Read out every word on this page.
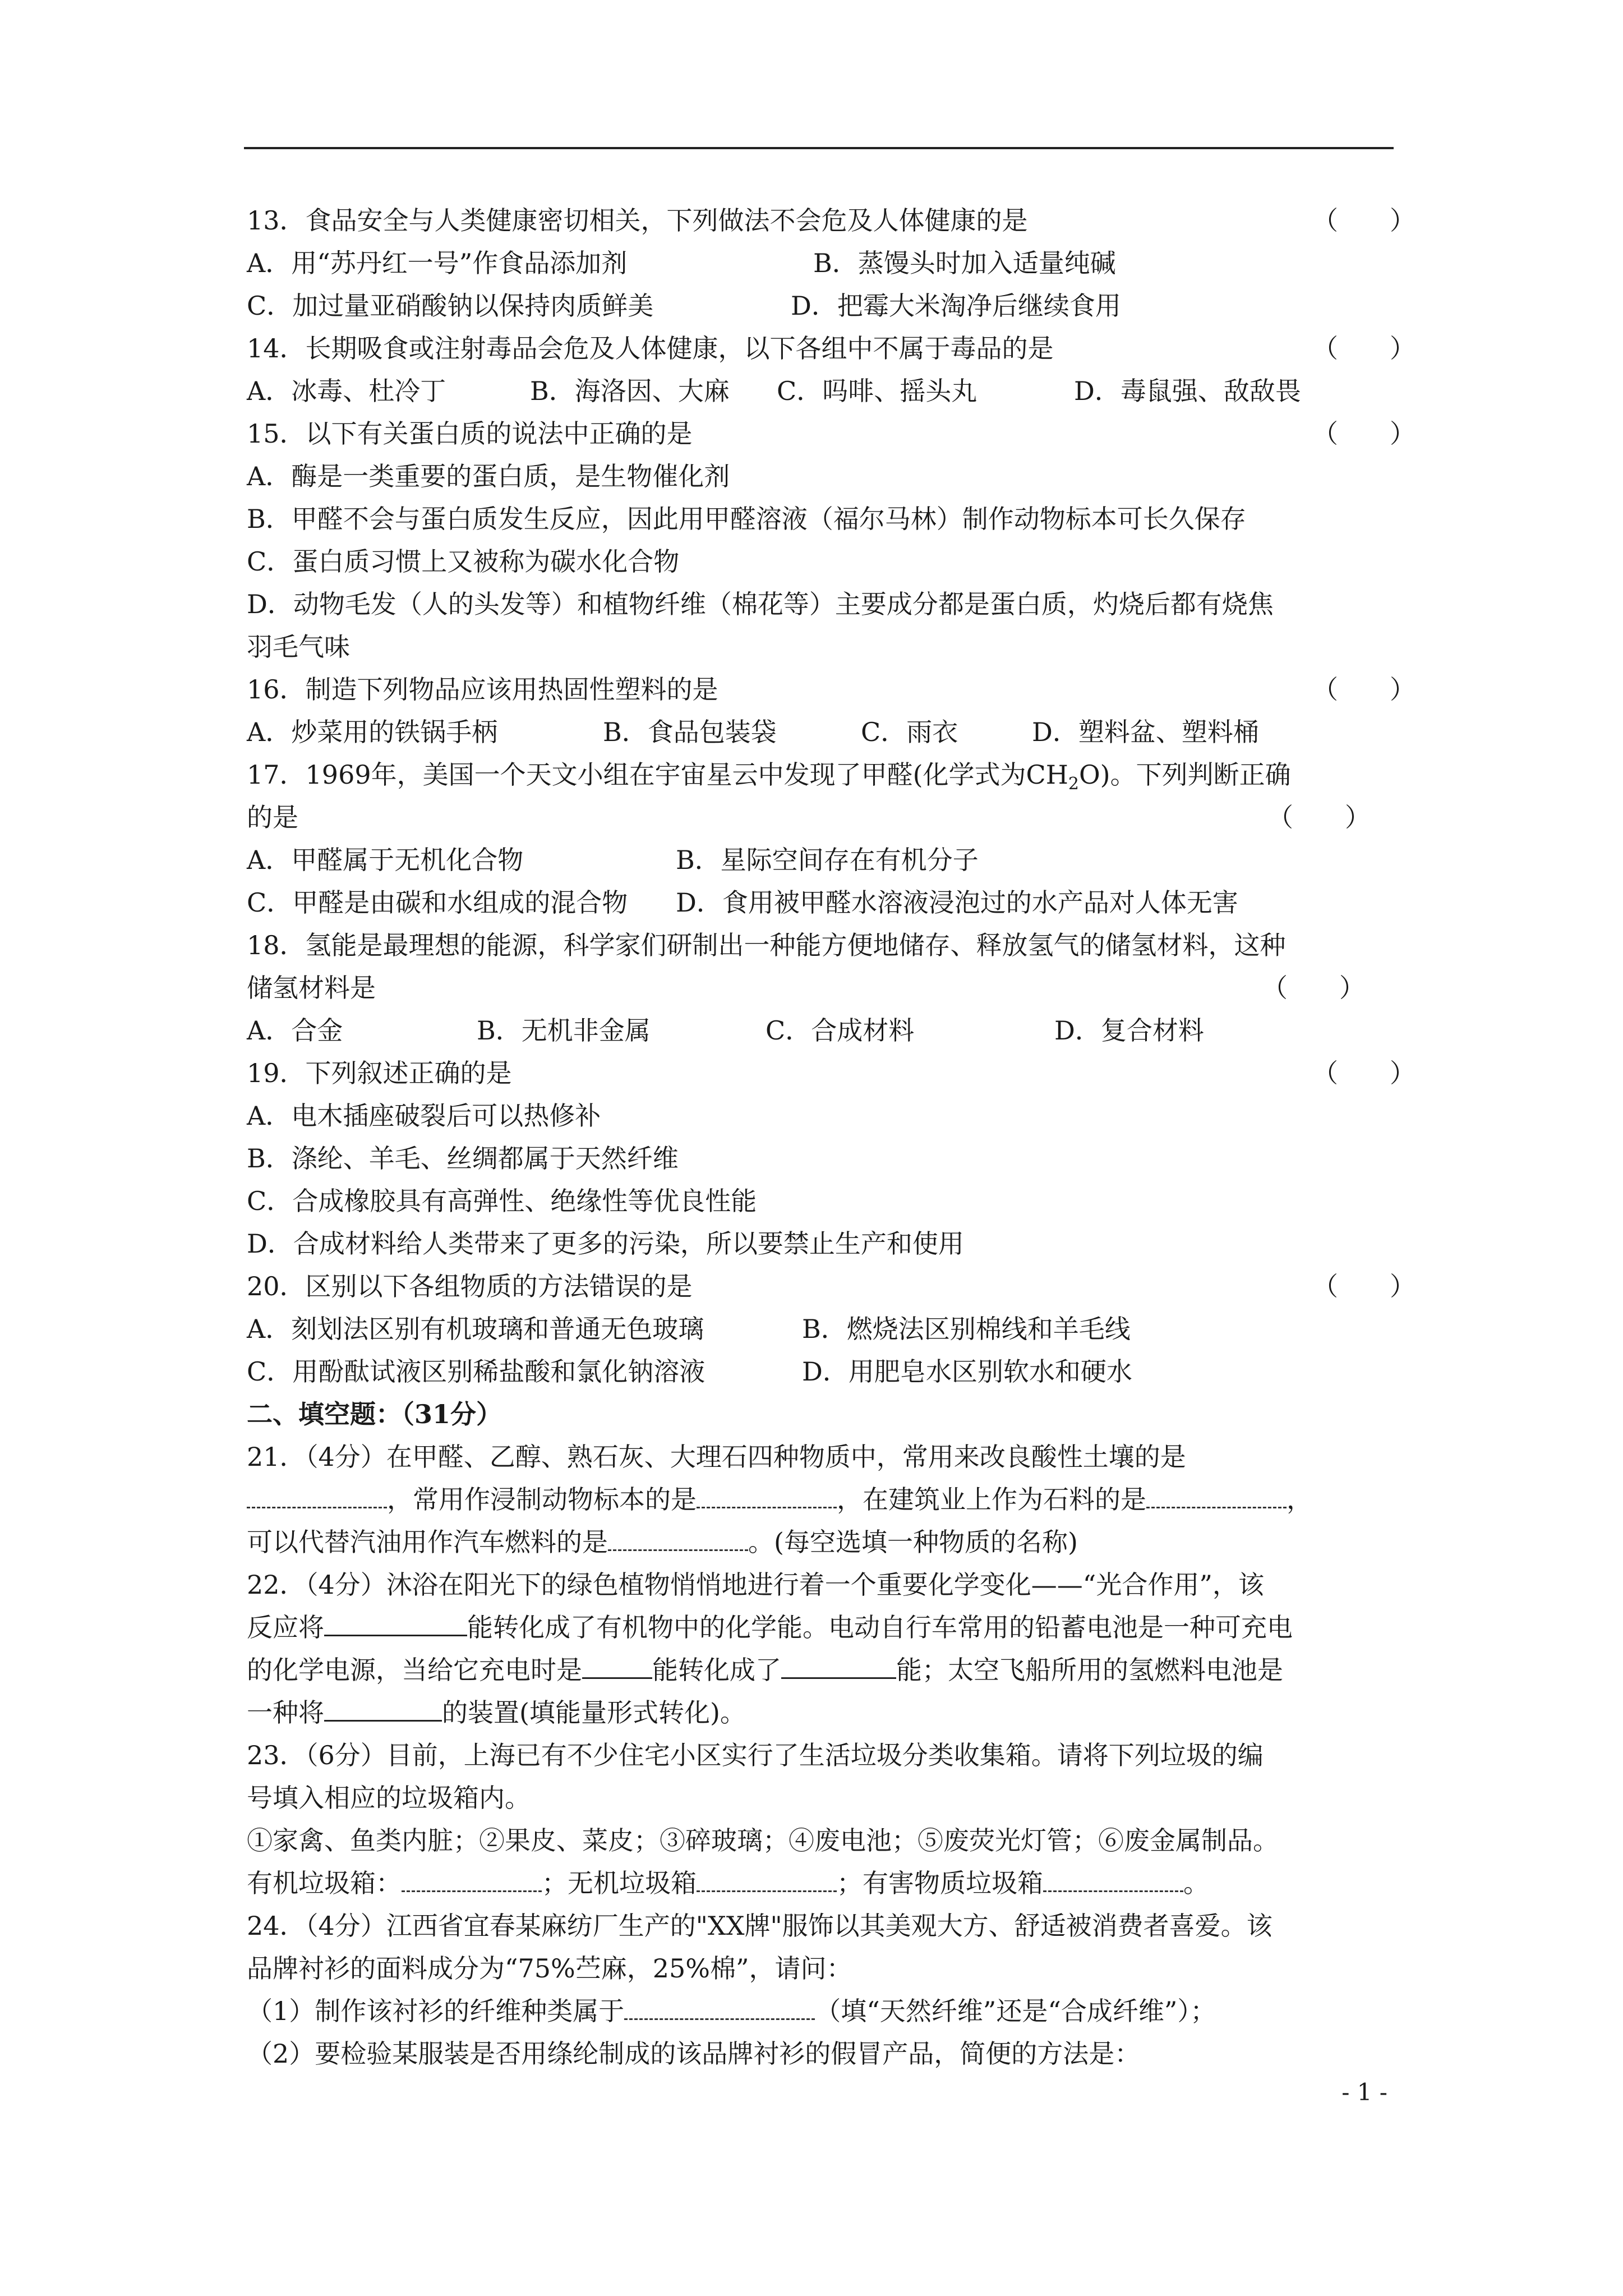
13．食品安全与人类健康密切相关，下列做法不会危及人体健康的是	（　　）
A．用“苏丹红一号”作食品添加剂	B．蒸馒头时加入适量纯碱
C．加过量亚硝酸钠以保持肉质鲜美	D．把霉大米淘净后继续食用
14．长期吸食或注射毒品会危及人体健康，以下各组中不属于毒品的是	（　　）
A．冰毒、杜冷丁	B．海洛因、大麻	C．吗啡、摇头丸	D．毒鼠强、敌敌畏
15．以下有关蛋白质的说法中正确的是	（　　）
A．酶是一类重要的蛋白质，是生物催化剂
B．甲醛不会与蛋白质发生反应，因此用甲醛溶液（福尔马林）制作动物标本可长久保存
C．蛋白质习惯上又被称为碳水化合物
D．动物毛发（人的头发等）和植物纤维（棉花等）主要成分都是蛋白质，灼烧后都有烧焦
羽毛气味
16．制造下列物品应该用热固性塑料的是	（　　）
A．炒菜用的铁锅手柄	B．食品包装袋	C．雨衣	D．塑料盆、塑料桶
17．1969年，美国一个天文小组在宇宙星云中发现了甲醛(化学式为$CH_2O$)。下列判断正确
的是	（　　）
A．甲醛属于无机化合物	B．星际空间存在有机分子
C．甲醛是由碳和水组成的混合物	D．食用被甲醛水溶液浸泡过的水产品对人体无害
18．氢能是最理想的能源，科学家们研制出一种能方便地储存、释放氢气的储氢材料，这种
储氢材料是	（　　）
A．合金	B．无机非金属	C．合成材料	D．复合材料
19．下列叙述正确的是	（　　）
A．电木插座破裂后可以热修补
B．涤纶、羊毛、丝绸都属于天然纤维
C．合成橡胶具有高弹性、绝缘性等优良性能
D．合成材料给人类带来了更多的污染，所以要禁止生产和使用
20．区别以下各组物质的方法错误的是	（　　）
A．刻划法区别有机玻璃和普通无色玻璃	B．燃烧法区别棉线和羊毛线
C．用酚酞试液区别稀盐酸和氯化钠溶液	D．用肥皂水区别软水和硬水
二、填空题：（31分）
21．（4分）在甲醛、乙醇、熟石灰、大理石四种物质中，常用来改良酸性土壤的是
，常用作浸制动物标本的是	，在建筑业上作为石料的是	，
可以代替汽油用作汽车燃料的是	。(每空选填一种物质的名称)
22．（4分）沐浴在阳光下的绿色植物悄悄地进行着一个重要化学变化——“光合作用”，该
反应将	能转化成了有机物中的化学能。电动自行车常用的铅蓄电池是一种可充电
的化学电源，当给它充电时是	能转化成了	能；太空飞船所用的氢燃料电池是
一种将	的装置(填能量形式转化)。
23．（6分）目前，上海已有不少住宅小区实行了生活垃圾分类收集箱。请将下列垃圾的编
号填入相应的垃圾箱内。
①家禽、鱼类内脏；②果皮、菜皮；③碎玻璃；④废电池；⑤废荧光灯管；⑥废金属制品。
有机垃圾箱：	；无机垃圾箱	；有害物质垃圾箱	。
24．（4分）江西省宜春某麻纺厂生产的"XX牌"服饰以其美观大方、舒适被消费者喜爱。该
品牌衬衫的面料成分为“75%苎麻，25%棉”，请问：
（1）制作该衬衫的纤维种类属于	（填“天然纤维”还是“合成纤维”）；
（2）要检验某服装是否用绦纶制成的该品牌衬衫的假冒产品，简便的方法是：
- 1 -
